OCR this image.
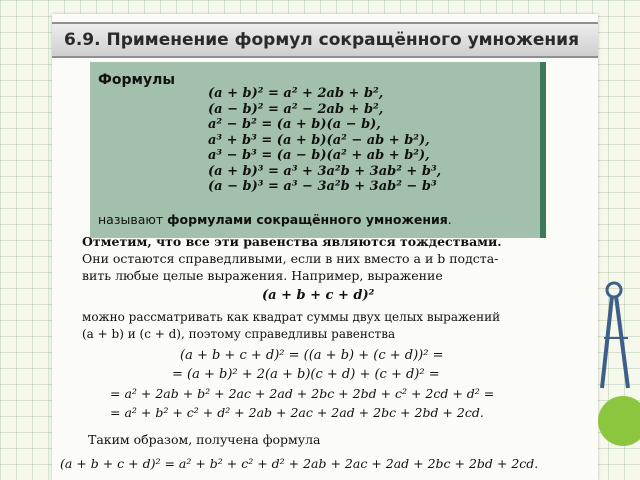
6.9. Применение формул сокращённого умножения
Формулы
(a + b)² = a² + 2ab + b²,
(a − b)² = a² − 2ab + b²,
a² − b² = (a + b)(a − b),
a³ + b³ = (a + b)(a² − ab + b²),
a³ − b³ = (a − b)(a² + ab + b²),
(a + b)³ = a³ + 3a²b + 3ab² + b³,
(a − b)³ = a³ − 3a²b + 3ab² − b³
называют формулами сокращённого умножения.
Отметим, что все эти равенства являются тождествами.
Они остаются справедливыми, если в них вместо a и b подста-
вить любые целые выражения. Например, выражение
(a + b + c + d)²
можно рассматривать как квадрат суммы двух целых выражений
(a + b) и (c + d), поэтому справедливы равенства
(a + b + c + d)² = ((a + b) + (c + d))² =
= (a + b)² + 2(a + b)(c + d) + (c + d)² =
= a² + 2ab + b² + 2ac + 2ad + 2bc + 2bd + c² + 2cd + d² =
= a² + b² + c² + d² + 2ab + 2ac + 2ad + 2bc + 2bd + 2cd.
Таким образом, получена формула
(a + b + c + d)² = a² + b² + c² + d² + 2ab + 2ac + 2ad + 2bc + 2bd + 2cd.
